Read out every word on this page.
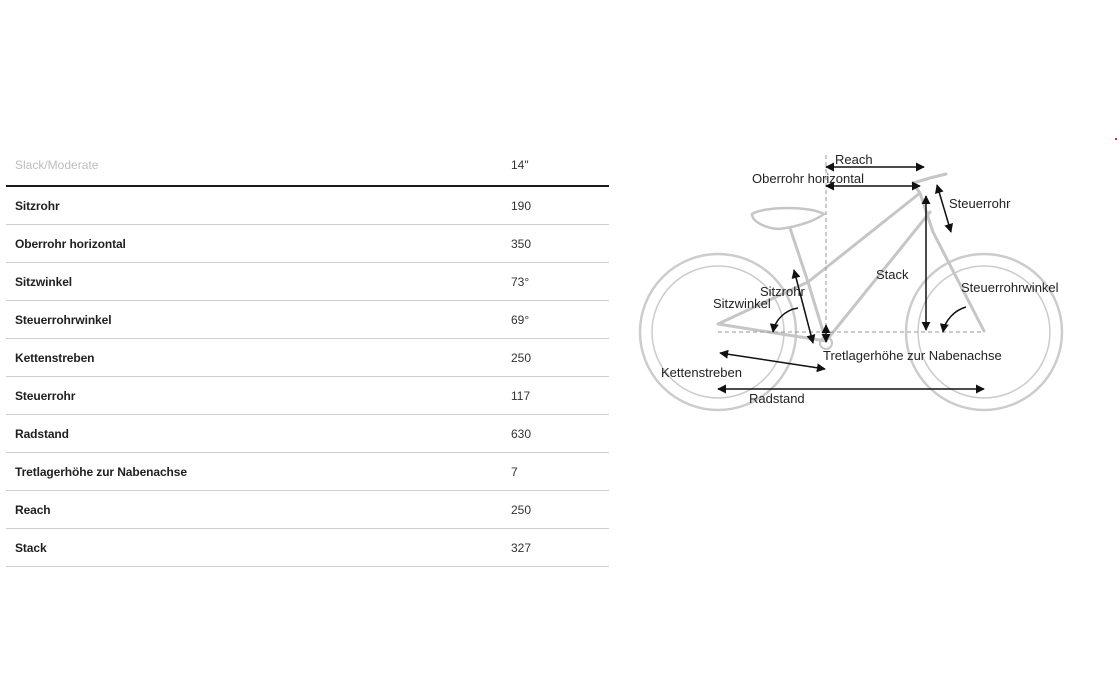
Slack/Moderate	14"
Sitzrohr	190
Oberrohr horizontal	350
Sitzwinkel	73°
Steuerrohrwinkel	69°
Kettenstreben	250
Steuerrohr	117
Radstand	630
Tretlagerhöhe zur Nabenachse	7
Reach	250
Stack	327
Reach
Oberrohr horizontal
Steuerrohr
Stack
Sitzrohr
Sitzwinkel
Steuerrohrwinkel
Tretlagerhöhe zur Nabenachse
Kettenstreben
Radstand
